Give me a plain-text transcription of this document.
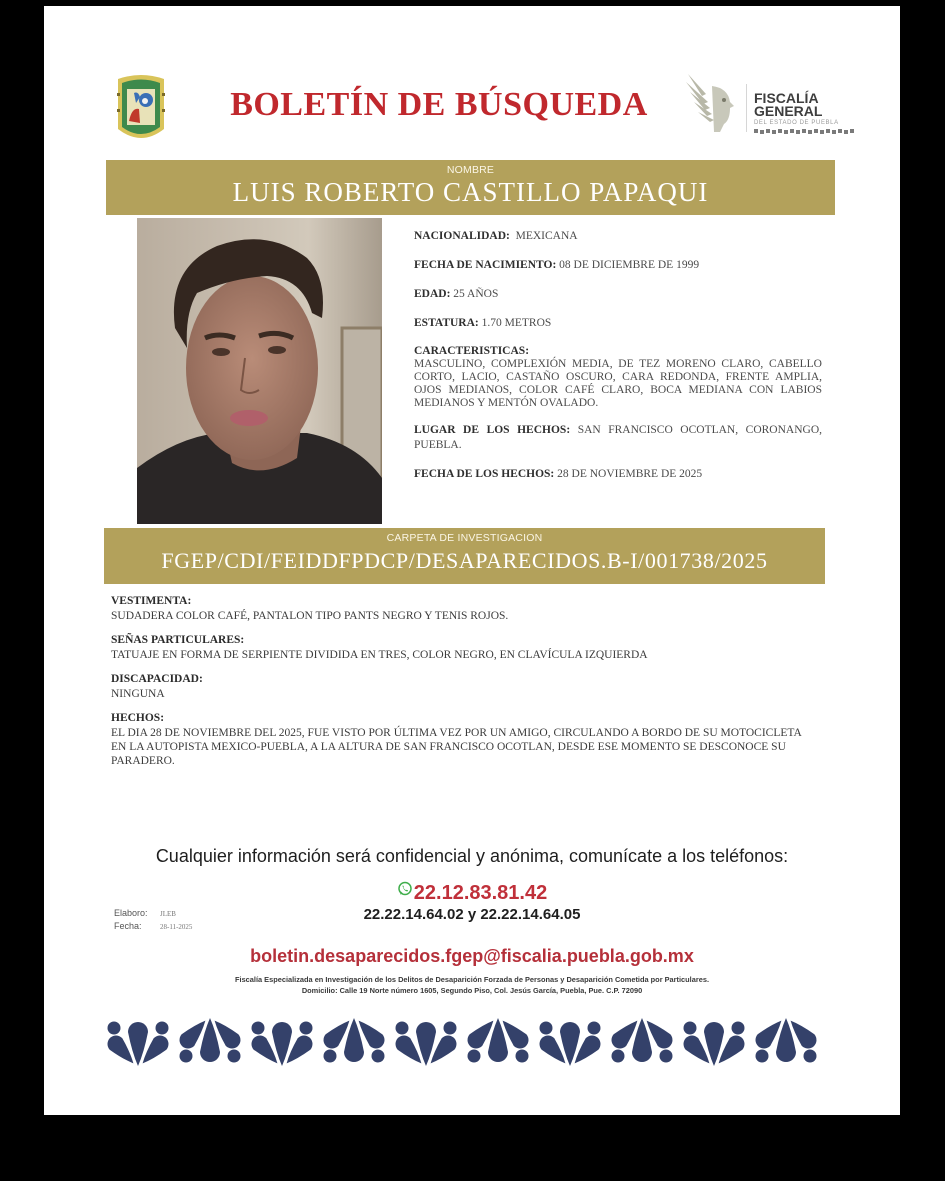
BOLETÍN DE BÚSQUEDA	FISCALÍA
GENERAL
DEL ESTADO DE PUEBLA
NOMBRE
LUIS ROBERTO CASTILLO PAPAQUI
NACIONALIDAD: MEXICANA
FECHA DE NACIMIENTO: 08 DE DICIEMBRE DE 1999
EDAD: 25 AÑOS
ESTATURA: 1.70 METROS
CARACTERISTICAS:
MASCULINO, COMPLEXIÓN MEDIA, DE TEZ MORENO CLARO, CABELLO CORTO, LACIO, CASTAÑO OSCURO, CARA REDONDA, FRENTE AMPLIA, OJOS MEDIANOS, COLOR CAFÉ CLARO, BOCA MEDIANA CON LABIOS MEDIANOS Y MENTÓN OVALADO.
LUGAR DE LOS HECHOS: SAN FRANCISCO OCOTLAN, CORONANGO, PUEBLA.
FECHA DE LOS HECHOS: 28 DE NOVIEMBRE DE 2025
CARPETA DE INVESTIGACION
FGEP/CDI/FEIDDFPDCP/DESAPARECIDOS.B-I/001738/2025
VESTIMENTA:
SUDADERA COLOR CAFÉ, PANTALON TIPO PANTS NEGRO Y TENIS ROJOS.
SEÑAS PARTICULARES:
TATUAJE EN FORMA DE SERPIENTE DIVIDIDA EN TRES, COLOR NEGRO, EN CLAVÍCULA IZQUIERDA
DISCAPACIDAD:
NINGUNA
HECHOS:
EL DIA 28 DE NOVIEMBRE DEL 2025, FUE VISTO POR ÚLTIMA VEZ POR UN AMIGO, CIRCULANDO A BORDO DE SU MOTOCICLETA EN LA AUTOPISTA MEXICO-PUEBLA, A LA ALTURA DE SAN FRANCISCO OCOTLAN, DESDE ESE MOMENTO SE DESCONOCE SU PARADERO.
Cualquier información será confidencial y anónima, comunícate a los teléfonos:
22.12.83.81.42
22.22.14.64.02 y 22.22.14.64.05
Elaboro: JLEB
Fecha:	28-11-2025
boletin.desaparecidos.fgep@fiscalia.puebla.gob.mx
Fiscalía Especializada en Investigación de los Delitos de Desaparición Forzada de Personas y Desaparición Cometida por Particulares.
Domicilio: Calle 19 Norte número 1605, Segundo Piso, Col. Jesús García, Puebla, Pue. C.P. 72090
